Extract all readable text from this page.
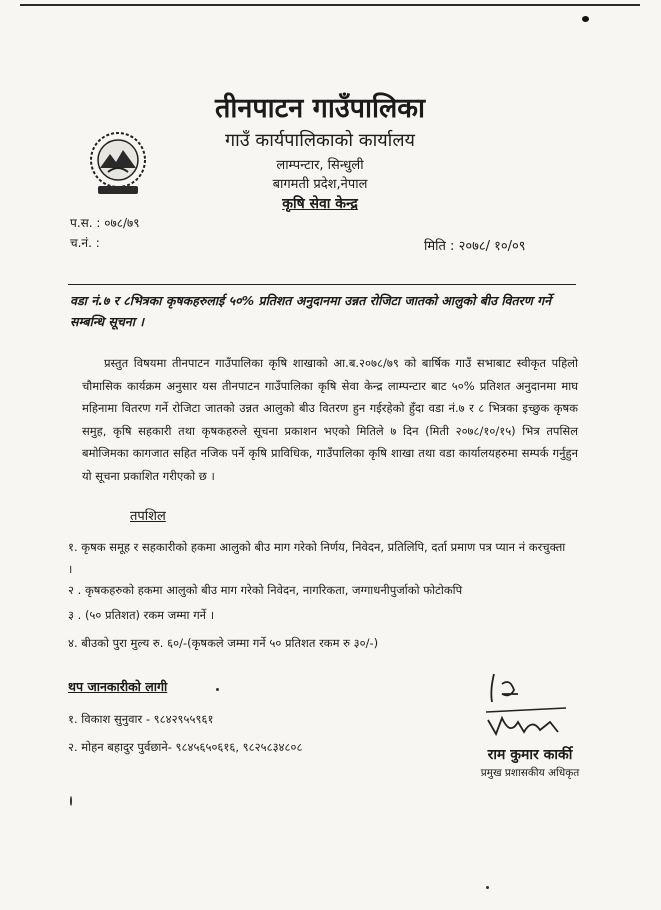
तीनपाटन गाउँपालिका

गाउँ कार्यपालिकाको कार्यालय

लाम्पन्टार, सिन्धुली

बागमती प्रदेश,नेपाल

कृषि सेवा केन्द्र

प.स. : ०७८/७९

च.नं. :	मिति : २०७८/ १०/०९

वडा नं.७ र ८भित्रका कृषकहरुलाई ५०% प्रतिशत अनुदानमा उन्नत रोजिटा जातको आलुको बीउ वितरण गर्ने सम्बन्धि सूचना ।

प्रस्तुत विषयमा तीनपाटन गाउँपालिका कृषि शाखाको आ.ब.२०७८/७९ को बार्षिक गाउँ सभाबाट स्वीकृत पहिलो चौमासिक कार्यक्रम अनुसार यस तीनपाटन गाउँपालिका कृषि सेवा केन्द्र लाम्पन्टार बाट ५०% प्रतिशत अनुदानमा माघ महिनामा वितरण गर्ने रोजिटा जातको उन्नत आलुको बीउ वितरण हुन गईरहेको हुँदा वडा नं.७ र ८ भित्रका इच्छुक कृषक समुह, कृषि सहकारी तथा कृषकहरुले सूचना प्रकाशन भएको मितिले ७ दिन (मिती २०७८/१०/१५) भित्र तपसिल बमोजिमका कागजात सहित नजिक पर्ने कृषि प्राविधिक, गाउँपालिका कृषि शाखा तथा वडा कार्यालयहरुमा सम्पर्क गर्नुहुन यो सूचना प्रकाशित गरीएको छ ।

तपशिल

१. कृषक समूह र सहकारीको हकमा आलुको बीउ माग गरेको निर्णय, निवेदन, प्रतिलिपि, दर्ता प्रमाण पत्र प्यान नं करचुक्ता ।

२ . कृषकहरुको हकमा आलुको बीउ माग गरेको निवेदन, नागरिकता, जग्गाधनीपुर्जाको फोटोकपि

३ . (५० प्रतिशत) रकम जम्मा गर्ने ।

४. बीउको पुरा मुल्य रु. ६०/-(कृषकले जम्मा गर्ने ५० प्रतिशत रकम रु ३०/-)

थप जानकारीको लागी

१. विकाश सुनुवार - ९८४२९५५९६१

२. मोहन बहादुर पुर्वछाने- ९८४५६५०६१६, ९८२५८३४८०८	राम कुमार कार्की

प्रमुख प्रशासकीय अधिकृत
